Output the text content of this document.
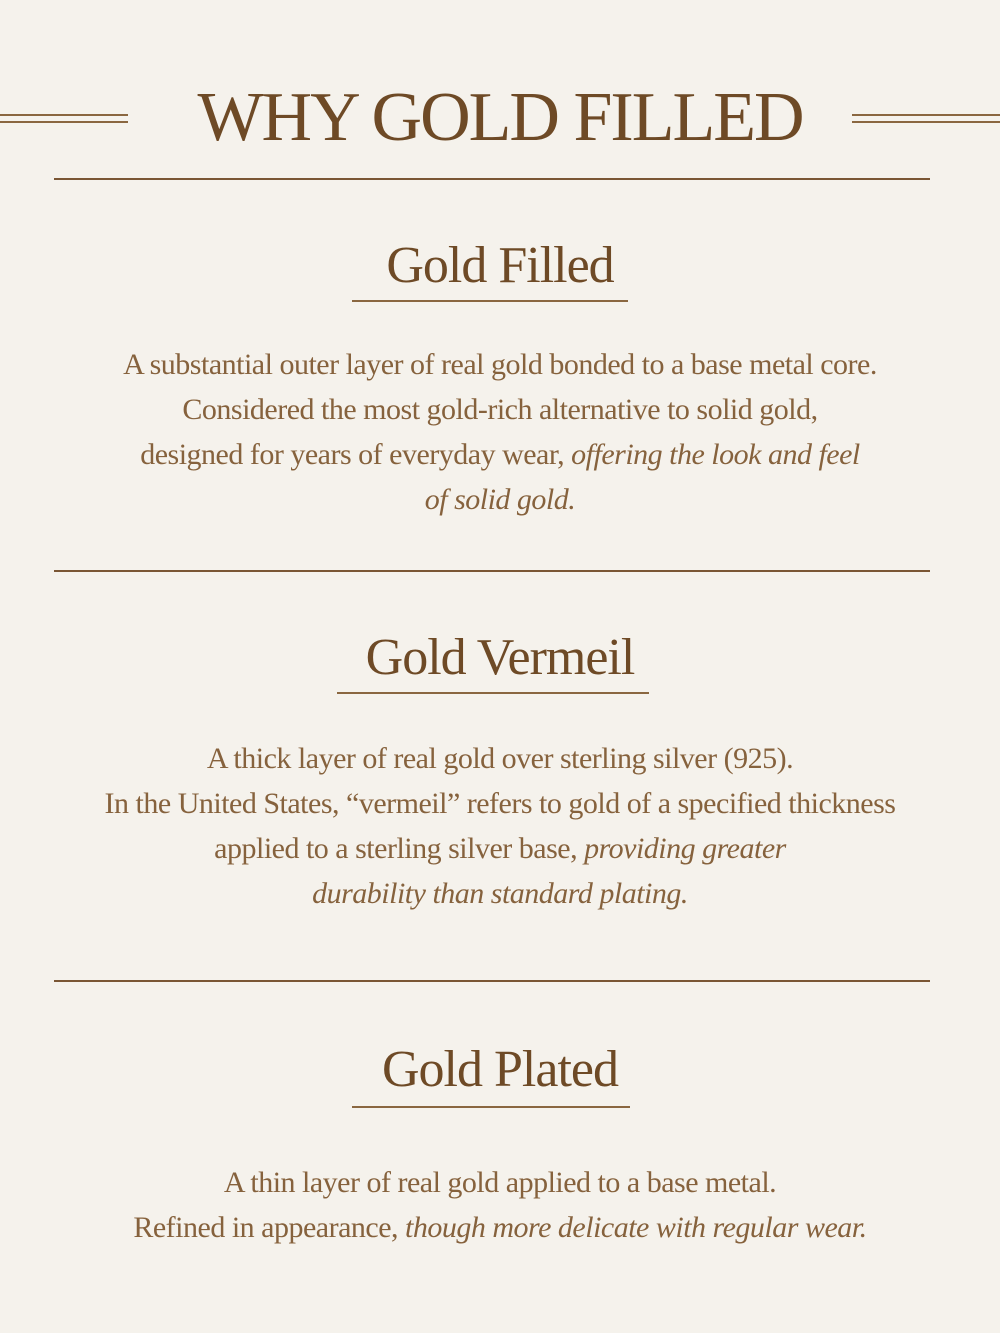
WHY GOLD FILLED
Gold Filled

A substantial outer layer of real gold bonded to a base metal core.
Considered the most gold-rich alternative to solid gold,
designed for years of everyday wear, offering the look and feel
of solid gold.

Gold Vermeil

A thick layer of real gold over sterling silver (925).
In the United States, “vermeil” refers to gold of a specified thickness
applied to a sterling silver base, providing greater
durability than standard plating.

Gold Plated

A thin layer of real gold applied to a base metal.
Refined in appearance, though more delicate with regular wear.
